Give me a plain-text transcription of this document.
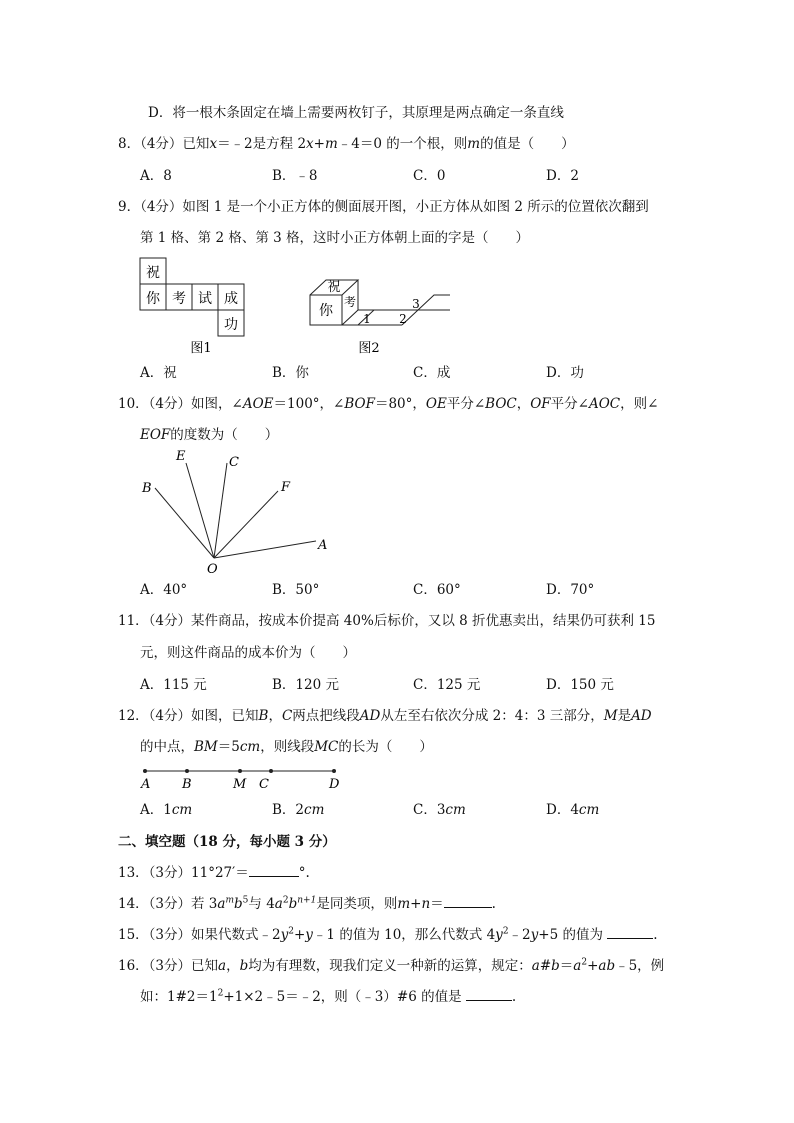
D．将一根木条固定在墙上需要两枚钉子，其原理是两点确定一条直线
8．（4分）已知x＝﹣2是方程 2x+m﹣4＝0 的一个根，则m的值是（　　）
A．8	B．﹣8	C．0	D．2
9．（4分）如图 1 是一个小正方体的侧面展开图，小正方体从如图 2 所示的位置依次翻到
第 1 格、第 2 格、第 3 格，这时小正方体朝上面的字是（　　）
祝
你 考 试 成
功
图1
祝
你
考
1 2
3
图2
A．祝	B．你	C．成	D．功
10．（4分）如图，∠AOE＝100°，∠BOF＝80°，OE平分∠BOC，OF平分∠AOC，则∠
EOF的度数为（　　）
B
E	C
F
A
O
A．40°	B．50°	C．60°	D．70°
11．（4分）某件商品，按成本价提高 40%后标价，又以 8 折优惠卖出，结果仍可获利 15
元，则这件商品的成本价为（　　）
A．115 元	B．120 元	C．125 元	D．150 元
12．（4分）如图，已知B，C两点把线段AD从左至右依次分成 2：4：3 三部分，M是AD
的中点，BM＝5cm，则线段MC的长为（　　）
A B	M C	D
A．1cm	B．2cm	C．3cm	D．4cm
二、填空题（18 分，每小题 3 分）
13．（3分）11°27′＝	°.
14．（3分）若 $3a^mb^5$与 $4a^2b^{n+1}$是同类项，则m+n＝	.
15．（3分）如果代数式$﹣2y^2+y﹣1$ 的值为 10，那么代数式 $4y^2﹣2y+5$ 的值为	.
16．（3分）已知a，b均为有理数，现我们定义一种新的运算，规定：$a\#b=a^2+ab﹣5$，例
如：$1\#2=1^2+1\times 2﹣5=﹣2$，则（﹣3）#6 的值是	.
